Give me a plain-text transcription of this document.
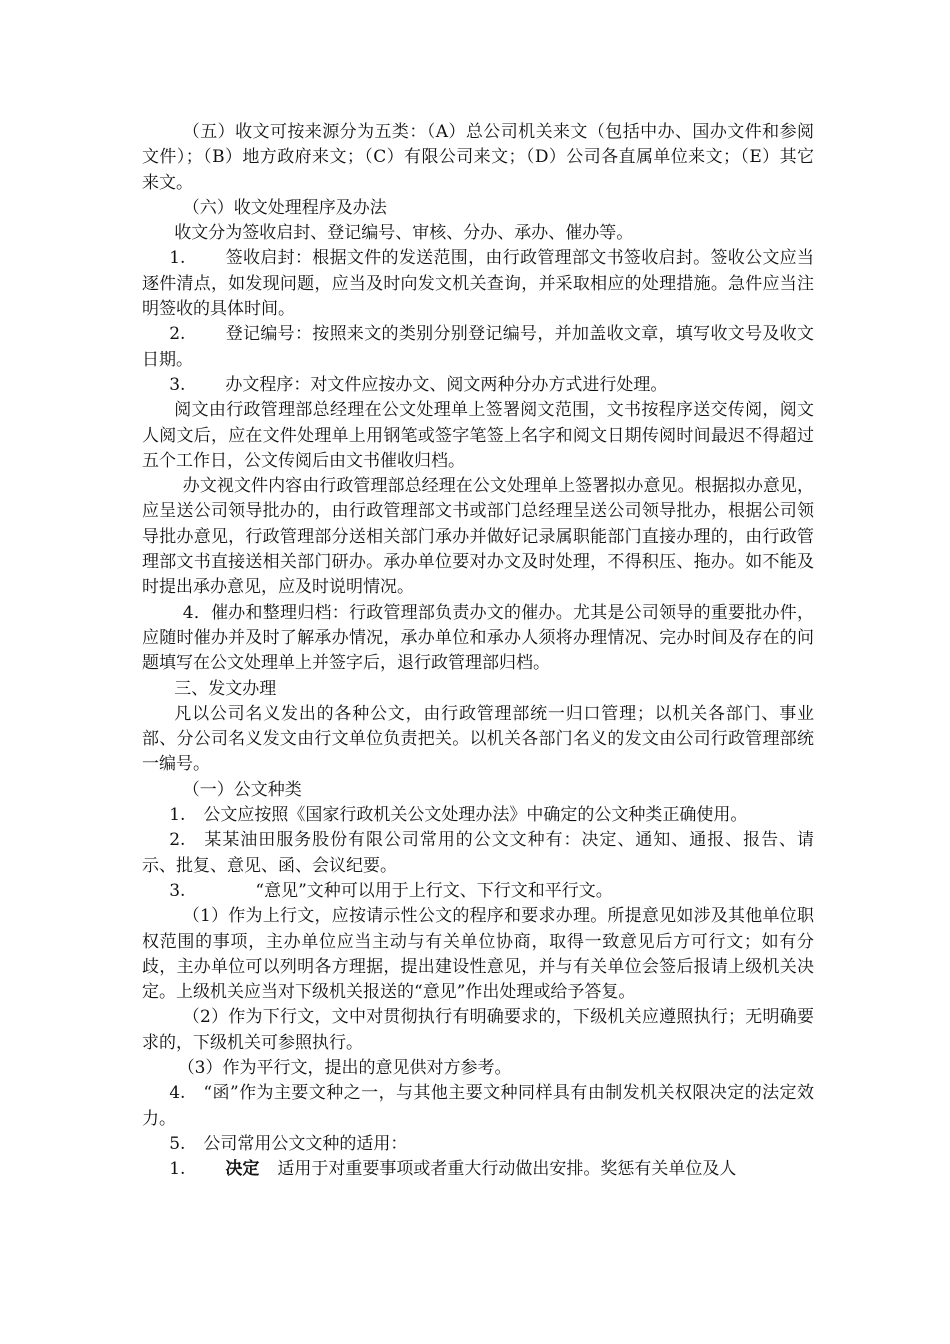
（五）收文可按来源分为五类：（A）总公司机关来文（包括中办、国办文件和参阅文件）；（B）地方政府来文；（C）有限公司来文；（D）公司各直属单位来文；（E）其它来文。

（六）收文处理程序及办法

收文分为签收启封、登记编号、审核、分办、承办、催办等。

1. 签收启封：根据文件的发送范围，由行政管理部文书签收启封。签收公文应当逐件清点，如发现问题，应当及时向发文机关查询，并采取相应的处理措施。急件应当注明签收的具体时间。

2. 登记编号：按照来文的类别分别登记编号，并加盖收文章，填写收文号及收文日期。

3. 办文程序：对文件应按办文、阅文两种分办方式进行处理。

阅文由行政管理部总经理在公文处理单上签署阅文范围，文书按程序送交传阅，阅文人阅文后，应在文件处理单上用钢笔或签字笔签上名字和阅文日期传阅时间最迟不得超过五个工作日，公文传阅后由文书催收归档。

办文视文件内容由行政管理部总经理在公文处理单上签署拟办意见。根据拟办意见，应呈送公司领导批办的，由行政管理部文书或部门总经理呈送公司领导批办，根据公司领导批办意见，行政管理部分送相关部门承办并做好记录属职能部门直接办理的，由行政管理部文书直接送相关部门研办。承办单位要对办文及时处理，不得积压、拖办。如不能及时提出承办意见，应及时说明情况。

4．催办和整理归档：行政管理部负责办文的催办。尤其是公司领导的重要批办件，应随时催办并及时了解承办情况，承办单位和承办人须将办理情况、完办时间及存在的问题填写在公文处理单上并签字后，退行政管理部归档。

三、发文办理

凡以公司名义发出的各种公文，由行政管理部统一归口管理；以机关各部门、事业部、分公司名义发文由行文单位负责把关。以机关各部门名义的发文由公司行政管理部统一编号。

（一）公文种类

1. 公文应按照《国家行政机关公文处理办法》中确定的公文种类正确使用。

2. 某某油田服务股份有限公司常用的公文文种有：决定、通知、通报、报告、请示、批复、意见、函、会议纪要。

3.	“意见”文种可以用于上行文、下行文和平行文。

（1）作为上行文，应按请示性公文的程序和要求办理。所提意见如涉及其他单位职权范围的事项，主办单位应当主动与有关单位协商，取得一致意见后方可行文；如有分歧，主办单位可以列明各方理据，提出建设性意见，并与有关单位会签后报请上级机关决定。上级机关应当对下级机关报送的“意见”作出处理或给予答复。

（2）作为下行文，文中对贯彻执行有明确要求的，下级机关应遵照执行；无明确要求的，下级机关可参照执行。

（3）作为平行文，提出的意见供对方参考。

4. “函”作为主要文种之一，与其他主要文种同样具有由制发机关权限决定的法定效力。

5. 公司常用公文文种的适用：

1. 决定 适用于对重要事项或者重大行动做出安排。奖惩有关单位及人
